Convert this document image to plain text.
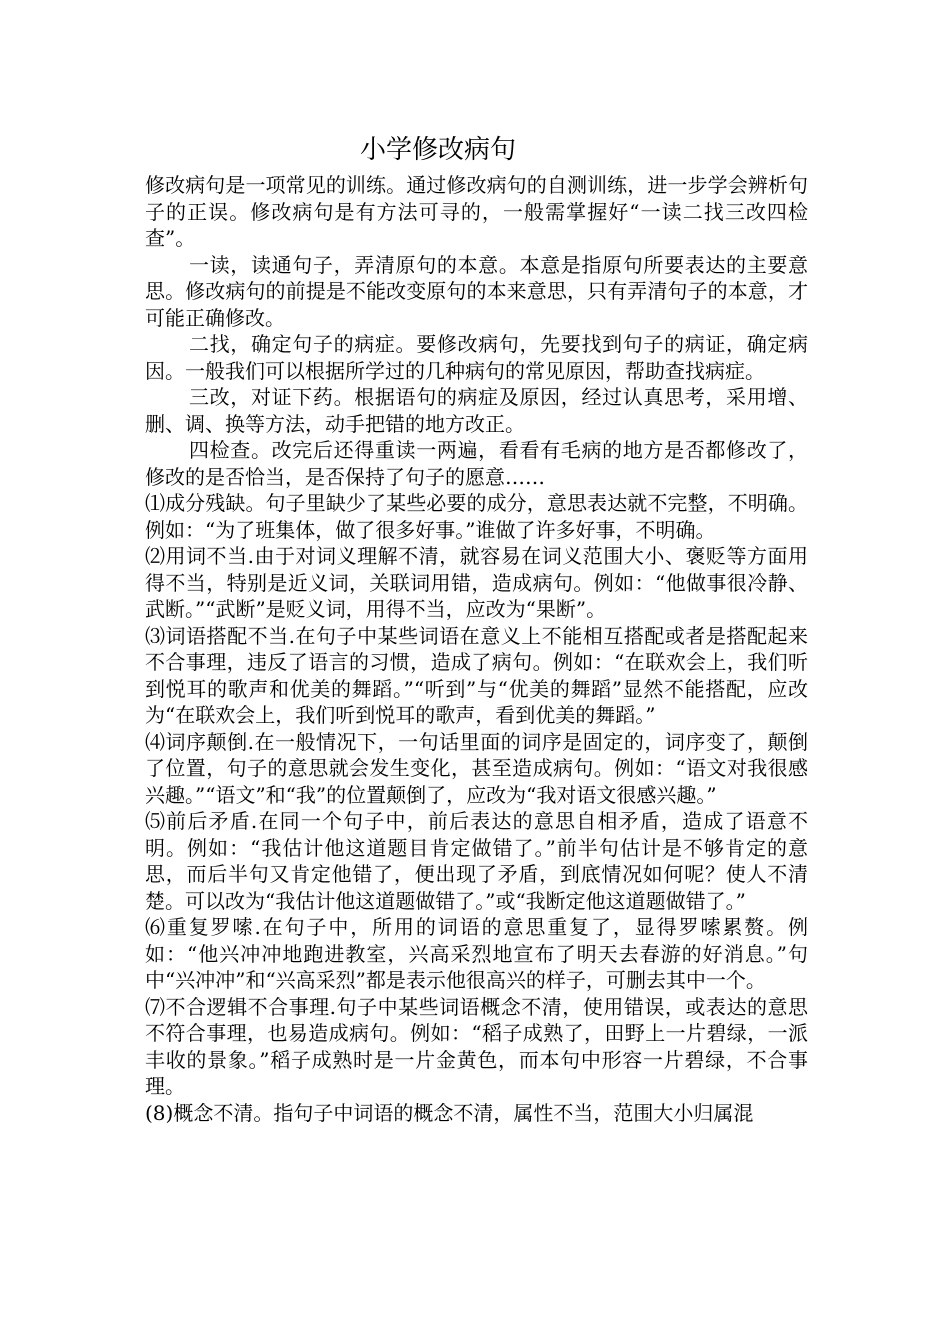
小学修改病句

修改病句是一项常见的训练。通过修改病句的自测训练，进一步学会辨析句子的正误。修改病句是有方法可寻的，一般需掌握好“一读二找三改四检查”。

一读，读通句子，弄清原句的本意。本意是指原句所要表达的主要意思。修改病句的前提是不能改变原句的本来意思，只有弄清句子的本意，才可能正确修改。

二找，确定句子的病症。要修改病句，先要找到句子的病证，确定病因。一般我们可以根据所学过的几种病句的常见原因，帮助查找病症。

三改，对证下药。根据语句的病症及原因，经过认真思考，采用增、删、调、换等方法，动手把错的地方改正。

四检查。改完后还得重读一两遍，看看有毛病的地方是否都修改了，修改的是否恰当，是否保持了句子的愿意……

⑴成分残缺。句子里缺少了某些必要的成分，意思表达就不完整，不明确。例如：“为了班集体，做了很多好事。”谁做了许多好事，不明确。

⑵用词不当.由于对词义理解不清，就容易在词义范围大小、褒贬等方面用得不当，特别是近义词，关联词用错，造成病句。例如：“他做事很冷静、武断。”“武断”是贬义词，用得不当，应改为“果断”。

⑶词语搭配不当.在句子中某些词语在意义上不能相互搭配或者是搭配起来不合事理，违反了语言的习惯，造成了病句。例如：“在联欢会上，我们听到悦耳的歌声和优美的舞蹈。”“听到”与“优美的舞蹈”显然不能搭配，应改为“在联欢会上，我们听到悦耳的歌声，看到优美的舞蹈。”

⑷词序颠倒.在一般情况下，一句话里面的词序是固定的，词序变了，颠倒了位置，句子的意思就会发生变化，甚至造成病句。例如：“语文对我很感兴趣。”“语文”和“我”的位置颠倒了，应改为“我对语文很感兴趣。”

⑸前后矛盾.在同一个句子中，前后表达的意思自相矛盾，造成了语意不明。例如：“我估计他这道题目肯定做错了。”前半句估计是不够肯定的意思，而后半句又肯定他错了，便出现了矛盾，到底情况如何呢？使人不清楚。可以改为“我估计他这道题做错了。”或“我断定他这道题做错了。”

⑹重复罗嗦.在句子中，所用的词语的意思重复了，显得罗嗦累赘。例如：“他兴冲冲地跑进教室，兴高采烈地宣布了明天去春游的好消息。”句中“兴冲冲”和“兴高采烈”都是表示他很高兴的样子，可删去其中一个。

⑺不合逻辑不合事理.句子中某些词语概念不清，使用错误，或表达的意思不符合事理，也易造成病句。例如：“稻子成熟了，田野上一片碧绿，一派丰收的景象。”稻子成熟时是一片金黄色，而本句中形容一片碧绿，不合事理。

(8)概念不清。指句子中词语的概念不清，属性不当，范围大小归属混
